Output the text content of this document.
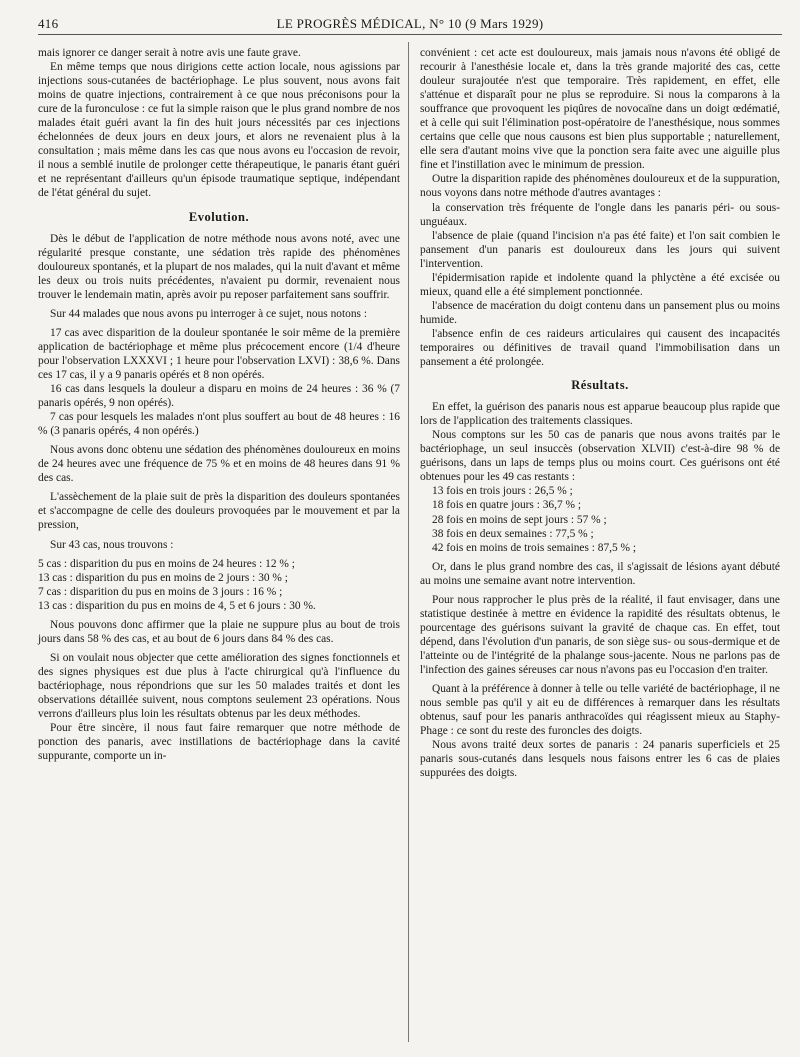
416	LE PROGRÈS MÉDICAL, N° 10 (9 Mars 1929)

mais ignorer ce danger serait à notre avis une faute grave.

En même temps que nous dirigions cette action locale, nous agissions par injections sous-cutanées de bactériophage. Le plus souvent, nous avons fait moins de quatre injections, contrairement à ce que nous préconisons pour la cure de la furonculose : ce fut la simple raison que le plus grand nombre de nos malades était guéri avant la fin des huit jours nécessités par ces injections échelonnées de deux jours en deux jours, et alors ne revenaient plus à la consultation ; mais même dans les cas que nous avons eu l'occasion de revoir, il nous a semblé inutile de prolonger cette thérapeutique, le panaris étant guéri et ne représentant d'ailleurs qu'un épisode traumatique septique, indépendant de l'état général du sujet.

Evolution.

Dès le début de l'application de notre méthode nous avons noté, avec une régularité presque constante, une sédation très rapide des phénomènes douloureux spontanés, et la plupart de nos malades, qui la nuit d'avant et même les deux ou trois nuits précédentes, n'avaient pu dormir, revenaient nous trouver le lendemain matin, après avoir pu reposer parfaitement sans souffrir.

Sur 44 malades que nous avons pu interroger à ce sujet, nous notons :

17 cas avec disparition de la douleur spontanée le soir même de la première application de bactériophage et même plus précocement encore (1/4 d'heure pour l'observation LXXXVI ; 1 heure pour l'observation LXVI) : 38,6 %. Dans ces 17 cas, il y a 9 panaris opérés et 8 non opérés.

16 cas dans lesquels la douleur a disparu en moins de 24 heures : 36 % (7 panaris opérés, 9 non opérés).

7 cas pour lesquels les malades n'ont plus souffert au bout de 48 heures : 16 % (3 panaris opérés, 4 non opérés.)

Nous avons donc obtenu une sédation des phénomènes douloureux en moins de 24 heures avec une fréquence de 75 % et en moins de 48 heures dans 91 % des cas.

L'assèchement de la plaie suit de près la disparition des douleurs spontanées et s'accompagne de celle des douleurs provoquées par le mouvement et par la pression,

Sur 43 cas, nous trouvons :

5 cas : disparition du pus en moins de 24 heures : 12 % ;

13 cas : disparition du pus en moins de 2 jours : 30 % ;

7 cas : disparition du pus en moins de 3 jours : 16 % ;

13 cas : disparition du pus en moins de 4, 5 et 6 jours : 30 %.

Nous pouvons donc affirmer que la plaie ne suppure plus au bout de trois jours dans 58 % des cas, et au bout de 6 jours dans 84 % des cas.

Si on voulait nous objecter que cette amélioration des signes fonctionnels et des signes physiques est due plus à l'acte chirurgical qu'à l'influence du bactériophage, nous répondrions que sur les 50 malades traités et dont les observations détaillée suivent, nous comptons seulement 23 opérations. Nous verrons d'ailleurs plus loin les résultats obtenus par les deux méthodes.

Pour être sincère, il nous faut faire remarquer que notre méthode de ponction des panaris, avec instillations de bactériophage dans la cavité suppurante, comporte un in-

convénient : cet acte est douloureux, mais jamais nous n'avons été obligé de recourir à l'anesthésie locale et, dans la très grande majorité des cas, cette douleur surajoutée n'est que temporaire. Très rapidement, en effet, elle s'atténue et disparaît pour ne plus se reproduire. Si nous la comparons à la souffrance que provoquent les piqûres de novocaïne dans un doigt œdématié, et à celle qui suit l'élimination post-opératoire de l'anesthésique, nous sommes certains que celle que nous causons est bien plus supportable ; naturellement, elle sera d'autant moins vive que la ponction sera faite avec une aiguille plus fine et l'instillation avec le minimum de pression.

Outre la disparition rapide des phénomènes douloureux et de la suppuration, nous voyons dans notre méthode d'autres avantages :

la conservation très fréquente de l'ongle dans les panaris péri- ou sous-unguéaux.

l'absence de plaie (quand l'incision n'a pas été faite) et l'on sait combien le pansement d'un panaris est douloureux dans les jours qui suivent l'intervention.

l'épidermisation rapide et indolente quand la phlyctène a été excisée ou mieux, quand elle a été simplement ponctionnée.

l'absence de macération du doigt contenu dans un pansement plus ou moins humide.

l'absence enfin de ces raideurs articulaires qui causent des incapacités temporaires ou définitives de travail quand l'immobilisation dans un pansement a été prolongée.

Résultats.

En effet, la guérison des panaris nous est apparue beaucoup plus rapide que lors de l'application des traitements classiques.

Nous comptons sur les 50 cas de panaris que nous avons traités par le bactériophage, un seul insuccès (observation XLVII) c'est-à-dire 98 % de guérisons, dans un laps de temps plus ou moins court. Ces guérisons ont été obtenues pour les 49 cas restants :

13 fois en trois jours : 26,5 % ;

18 fois en quatre jours : 36,7 % ;

28 fois en moins de sept jours : 57 % ;

38 fois en deux semaines : 77,5 % ;

42 fois en moins de trois semaines : 87,5 % ;

Or, dans le plus grand nombre des cas, il s'agissait de lésions ayant débuté au moins une semaine avant notre intervention.

Pour nous rapprocher le plus près de la réalité, il faut envisager, dans une statistique destinée à mettre en évidence la rapidité des résultats obtenus, le pourcentage des guérisons suivant la gravité de chaque cas. En effet, tout dépend, dans l'évolution d'un panaris, de son siège sus- ou sous-dermique et de l'atteinte ou de l'intégrité de la phalange sous-jacente. Nous ne parlons pas de l'infection des gaines séreuses car nous n'avons pas eu l'occasion d'en traiter.

Quant à la préférence à donner à telle ou telle variété de bactériophage, il ne nous semble pas qu'il y ait eu de différences à remarquer dans les résultats obtenus, sauf pour les panaris anthracoïdes qui réagissent mieux au Staphy-Phage : ce sont du reste des furoncles des doigts.

Nous avons traité deux sortes de panaris : 24 panaris superficiels et 25 panaris sous-cutanés dans lesquels nous faisons entrer les 6 cas de plaies suppurées des doigts.
